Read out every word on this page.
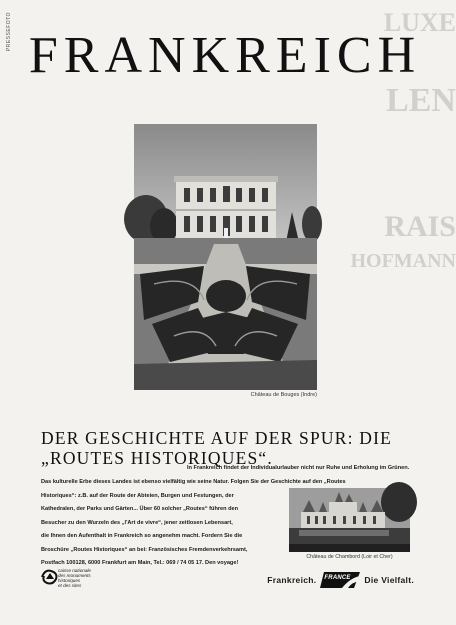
PRESSEFOTO	LUXE
LEN
RAIS
HOFMANN
FRANKREICH
Château de Bouges (Indre)
DER GESCHICHTE AUF DER SPUR: DIE „ROUTES HISTORIQUES“.
In Frankreich findet der Individualurlauber nicht nur Ruhe und Erholung im Grünen.
Das kulturelle Erbe dieses Landes ist ebenso vielfältig wie seine Natur. Folgen Sie der Geschichte auf den „Routes
Historiques“: z.B. auf der Route der Abteien, Burgen und Festungen, der
Kathedralen, der Parks und Gärten... Über 60 solcher „Routes“ führen den
Besucher zu den Wurzeln des „l'Art de vivre“, jener zeitlosen Lebensart,
die Ihnen den Aufenthalt in Frankreich so angenehm macht. Fordern Sie die
Broschüre „Routes Historiques“ an bei: Französisches Fremdenverkehrsamt,
Postfach 100128, 6000 Frankfurt am Main, Tel.: 069 / 74 05 17. Den voyage!
Château de Chambord (Loir et Cher)
caisse nationale
des monuments
historiques
et des sites
Frankreich. FRANCE Die Vielfalt.
